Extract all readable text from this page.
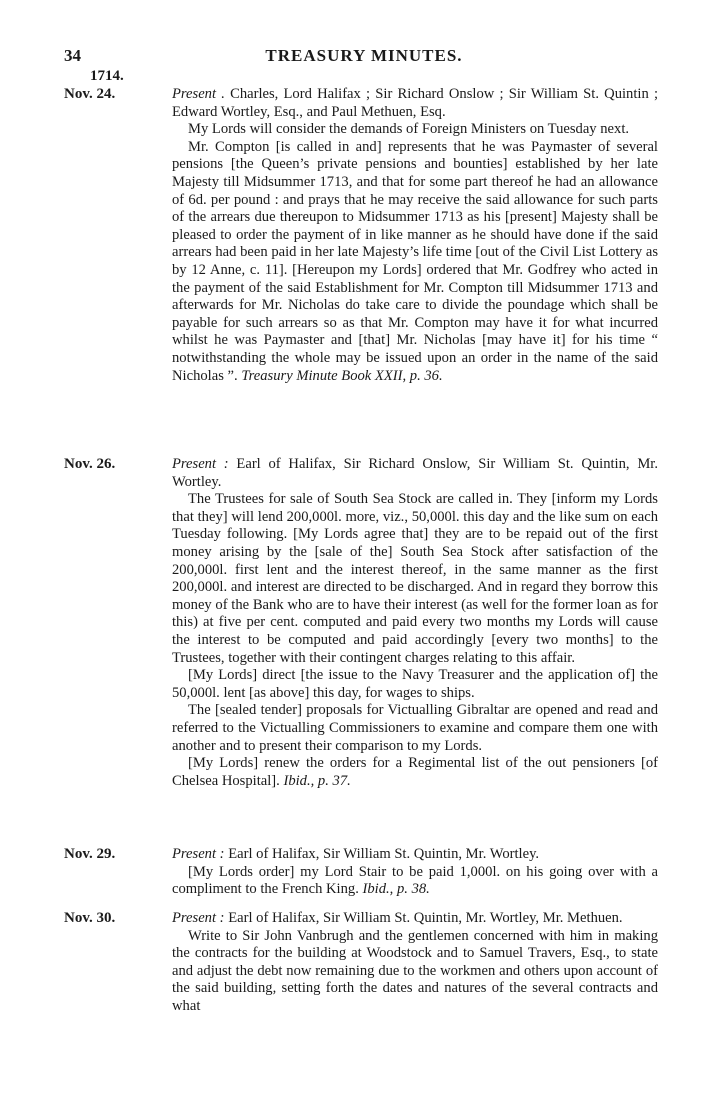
34	TREASURY MINUTES.
1714.
Nov. 24.	Present . Charles, Lord Halifax ; Sir Richard Onslow ; Sir William St. Quintin ; Edward Wortley, Esq., and Paul Methuen, Esq.

My Lords will consider the demands of Foreign Ministers on Tuesday next.

Mr. Compton [is called in and] represents that he was Paymaster of several pensions [the Queen’s private pensions and bounties] established by her late Majesty till Midsummer 1713, and that for some part thereof he had an allowance of 6d. per pound : and prays that he may receive the said allowance for such parts of the arrears due thereupon to Midsummer 1713 as his [present] Majesty shall be pleased to order the payment of in like manner as he should have done if the said arrears had been paid in her late Majesty’s life time [out of the Civil List Lottery as by 12 Anne, c. 11]. [Hereupon my Lords] ordered that Mr. Godfrey who acted in the payment of the said Establishment for Mr. Compton till Midsummer 1713 and afterwards for Mr. Nicholas do take care to divide the poundage which shall be payable for such arrears so as that Mr. Compton may have it for what incurred whilst he was Paymaster and [that] Mr. Nicholas [may have it] for his time “ notwithstanding the whole may be issued upon an order in the name of the said Nicholas ”. Treasury Minute Book XXII, p. 36.

Nov. 26.	Present : Earl of Halifax, Sir Richard Onslow, Sir William St. Quintin, Mr. Wortley.

The Trustees for sale of South Sea Stock are called in. They [inform my Lords that they] will lend 200,000l. more, viz., 50,000l. this day and the like sum on each Tuesday following. [My Lords agree that] they are to be repaid out of the first money arising by the [sale of the] South Sea Stock after satisfaction of the 200,000l. first lent and the interest thereof, in the same manner as the first 200,000l. and interest are directed to be discharged. And in regard they borrow this money of the Bank who are to have their interest (as well for the former loan as for this) at five per cent. computed and paid every two months my Lords will cause the interest to be computed and paid accordingly [every two months] to the Trustees, together with their contingent charges relating to this affair.

[My Lords] direct [the issue to the Navy Treasurer and the application of] the 50,000l. lent [as above] this day, for wages to ships.

The [sealed tender] proposals for Victualling Gibraltar are opened and read and referred to the Victualling Commissioners to examine and compare them one with another and to present their comparison to my Lords.

[My Lords] renew the orders for a Regimental list of the out pensioners [of Chelsea Hospital]. Ibid., p. 37.

Nov. 29.	Present : Earl of Halifax, Sir William St. Quintin, Mr. Wortley.

[My Lords order] my Lord Stair to be paid 1,000l. on his going over with a compliment to the French King. Ibid., p. 38.

Nov. 30.	Present : Earl of Halifax, Sir William St. Quintin, Mr. Wortley, Mr. Methuen.

Write to Sir John Vanbrugh and the gentlemen concerned with him in making the contracts for the building at Woodstock and to Samuel Travers, Esq., to state and adjust the debt now remaining due to the workmen and others upon account of the said building, setting forth the dates and natures of the several contracts and what
